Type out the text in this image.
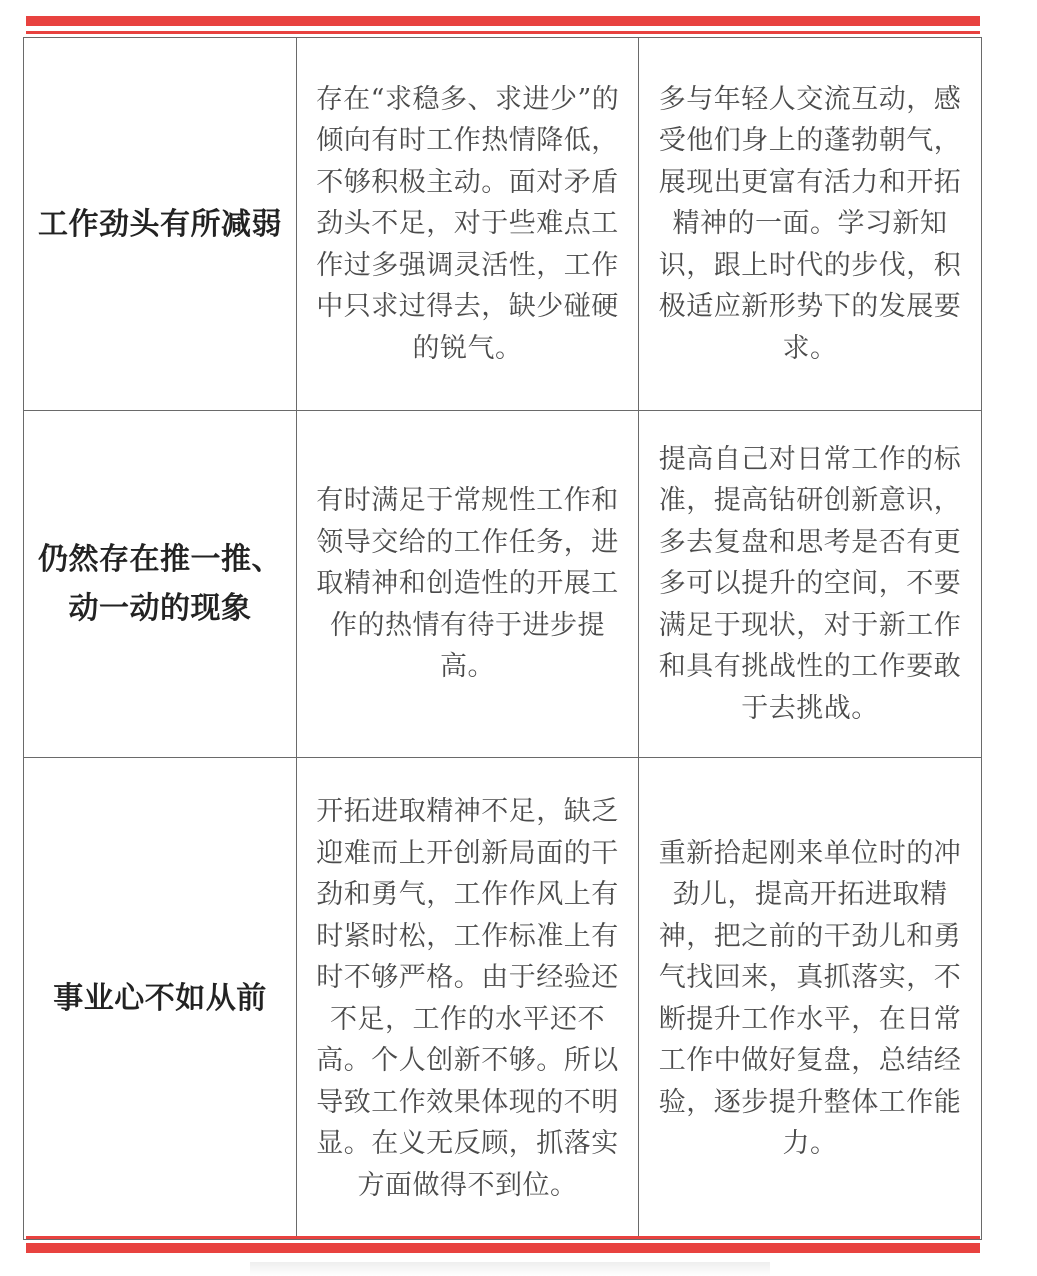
工作劲头有所减弱	存在“求稳多、求进少”的倾向有时工作热情降低，不够积极主动。面对矛盾劲头不足，对于些难点工作过多强调灵活性，工作中只求过得去，缺少碰硬的锐气。	多与年轻人交流互动，感受他们身上的蓬勃朝气，展现出更富有活力和开拓精神的一面。学习新知识，跟上时代的步伐，积极适应新形势下的发展要求。
仍然存在推一推、动一动的现象	有时满足于常规性工作和领导交给的工作任务，进取精神和创造性的开展工作的热情有待于进步提高。	提高自己对日常工作的标准，提高钻研创新意识，多去复盘和思考是否有更多可以提升的空间，不要满足于现状，对于新工作和具有挑战性的工作要敢于去挑战。
事业心不如从前	开拓进取精神不足，缺乏迎难而上开创新局面的干劲和勇气，工作作风上有时紧时松，工作标准上有时不够严格。由于经验还不足，工作的水平还不高。个人创新不够。所以导致工作效果体现的不明显。在义无反顾，抓落实方面做得不到位。	重新拾起刚来单位时的冲劲儿，提高开拓进取精神，把之前的干劲儿和勇气找回来，真抓落实，不断提升工作水平，在日常工作中做好复盘，总结经验，逐步提升整体工作能力。
